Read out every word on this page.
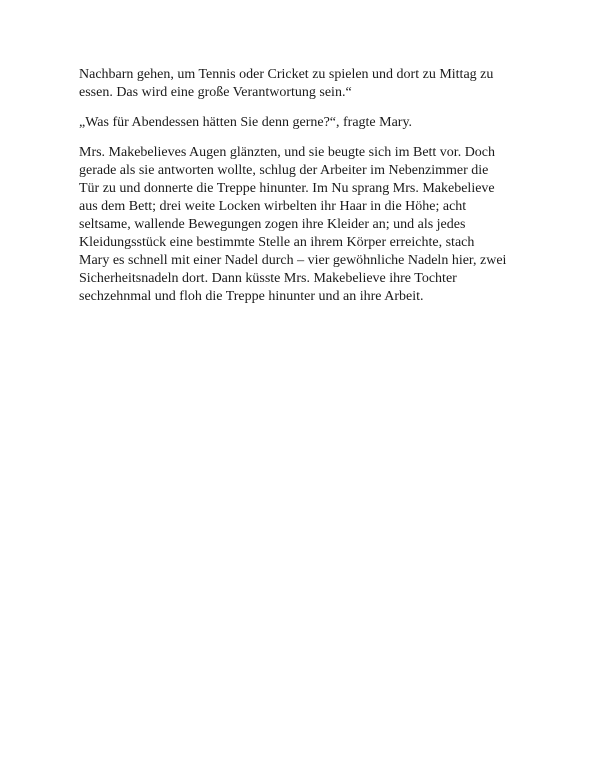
Nachbarn gehen, um Tennis oder Cricket zu spielen und dort zu Mittag zu
essen. Das wird eine große Verantwortung sein.“

„Was für Abendessen hätten Sie denn gerne?“, fragte Mary.

Mrs. Makebelieves Augen glänzten, und sie beugte sich im Bett vor. Doch
gerade als sie antworten wollte, schlug der Arbeiter im Nebenzimmer die
Tür zu und donnerte die Treppe hinunter. Im Nu sprang Mrs. Makebelieve
aus dem Bett; drei weite Locken wirbelten ihr Haar in die Höhe; acht
seltsame, wallende Bewegungen zogen ihre Kleider an; und als jedes
Kleidungsstück eine bestimmte Stelle an ihrem Körper erreichte, stach
Mary es schnell mit einer Nadel durch – vier gewöhnliche Nadeln hier, zwei
Sicherheitsnadeln dort. Dann küsste Mrs. Makebelieve ihre Tochter
sechzehnmal und floh die Treppe hinunter und an ihre Arbeit.
